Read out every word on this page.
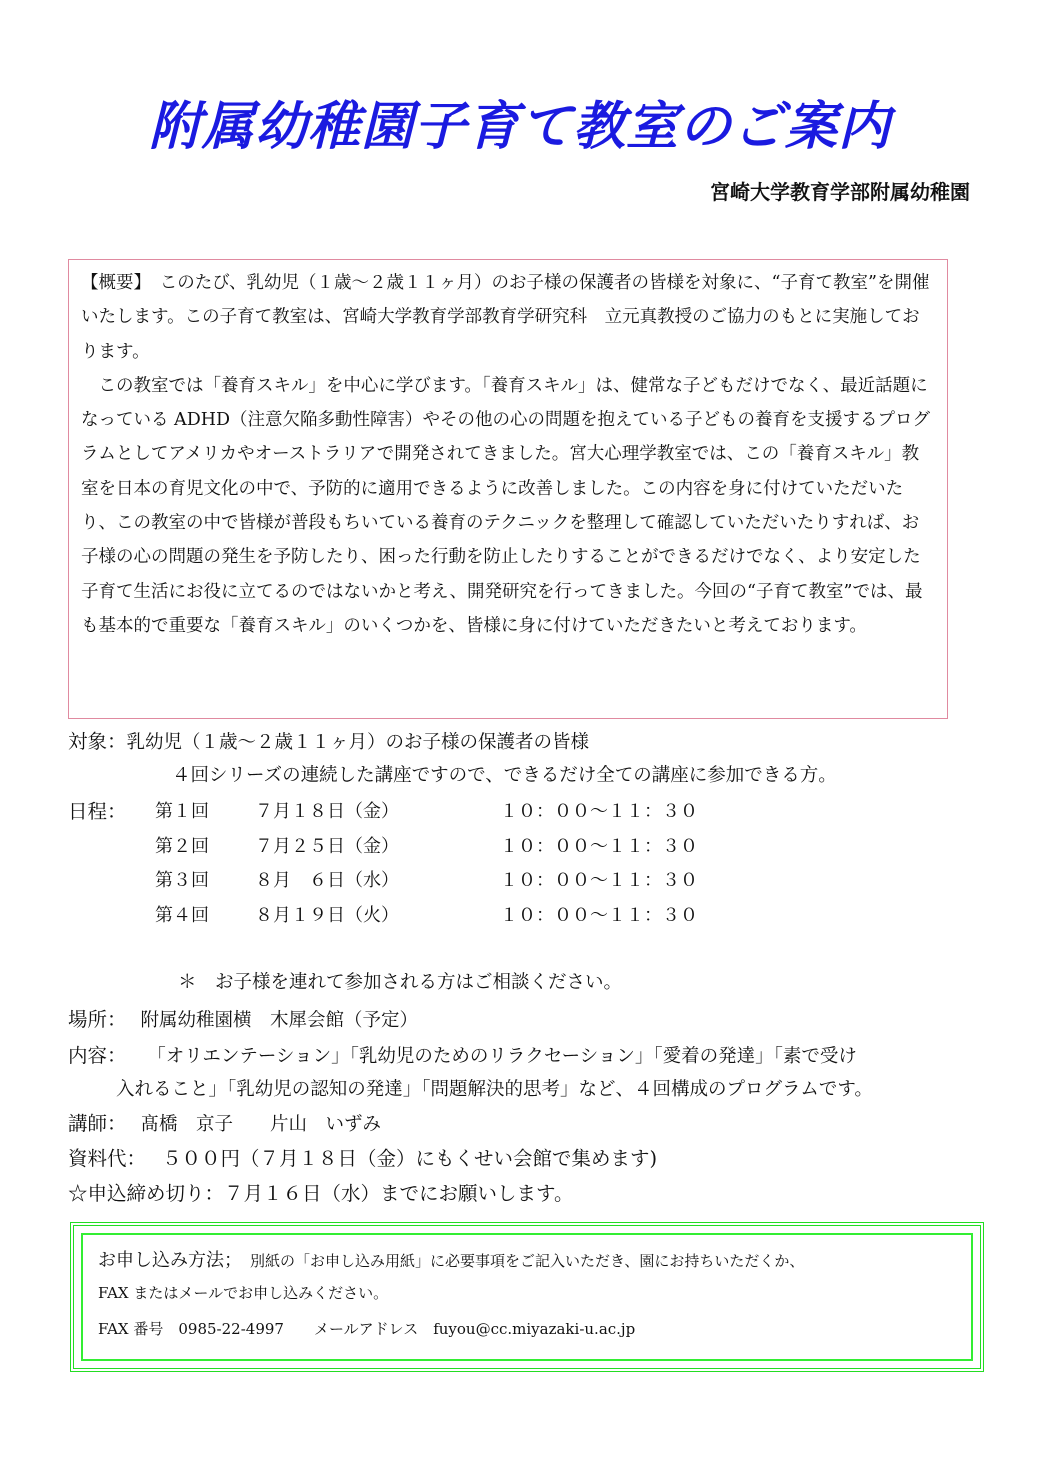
附属幼稚園子育て教室のご案内
宮崎大学教育学部附属幼稚園

【概要】　このたび、乳幼児（１歳～２歳１１ヶ月）のお子様の保護者の皆様を対象に、“子育て教室”を開催いたします。この子育て教室は、宮崎大学教育学部教育学研究科　立元真教授のご協力のもとに実施しております。

　この教室では「養育スキル」を中心に学びます。「養育スキル」は、健常な子どもだけでなく、最近話題になっている ADHD（注意欠陥多動性障害）やその他の心の問題を抱えている子どもの養育を支援するプログラムとしてアメリカやオーストラリアで開発されてきました。宮大心理学教室では、この「養育スキル」教室を日本の育児文化の中で、予防的に適用できるように改善しました。この内容を身に付けていただいたり、この教室の中で皆様が普段もちいている養育のテクニックを整理して確認していただいたりすれば、お子様の心の問題の発生を予防したり、困った行動を防止したりすることができるだけでなく、より安定した子育て生活にお役に立てるのではないかと考え、開発研究を行ってきました。今回の“子育て教室”では、最も基本的で重要な「養育スキル」のいくつかを、皆様に身に付けていただきたいと考えております。

対象：乳幼児（１歳～２歳１１ヶ月）のお子様の保護者の皆様
４回シリーズの連続した講座ですので、できるだけ全ての講座に参加できる方。
日程： 第１回	７月１８日（金）	１０：００～１１：３０
第２回	７月２５日（金）	１０：００～１１：３０
第３回	８月　６日（水）	１０：００～１１：３０
第４回	８月１９日（火）	１０：００～１１：３０
＊　お子様を連れて参加される方はご相談ください。
場所： 附属幼稚園横　木犀会館（予定）
内容： 「オリエンテーション」「乳幼児のためのリラクセーション」「愛着の発達」「素で受け
入れること」「乳幼児の認知の発達」「問題解決的思考」など、４回構成のプログラムです。
講師： 髙橋　京子　　片山　いずみ
資料代： ５００円（７月１８日（金）にもくせい会館で集めます)
☆申込締め切り：７月１６日（水）までにお願いします。
お申し込み方法； 別紙の「お申し込み用紙」に必要事項をご記入いただき、園にお持ちいただくか、
FAX またはメールでお申し込みください。
FAX 番号　0985-22-4997　　メールアドレス　fuyou@cc.miyazaki-u.ac.jp
